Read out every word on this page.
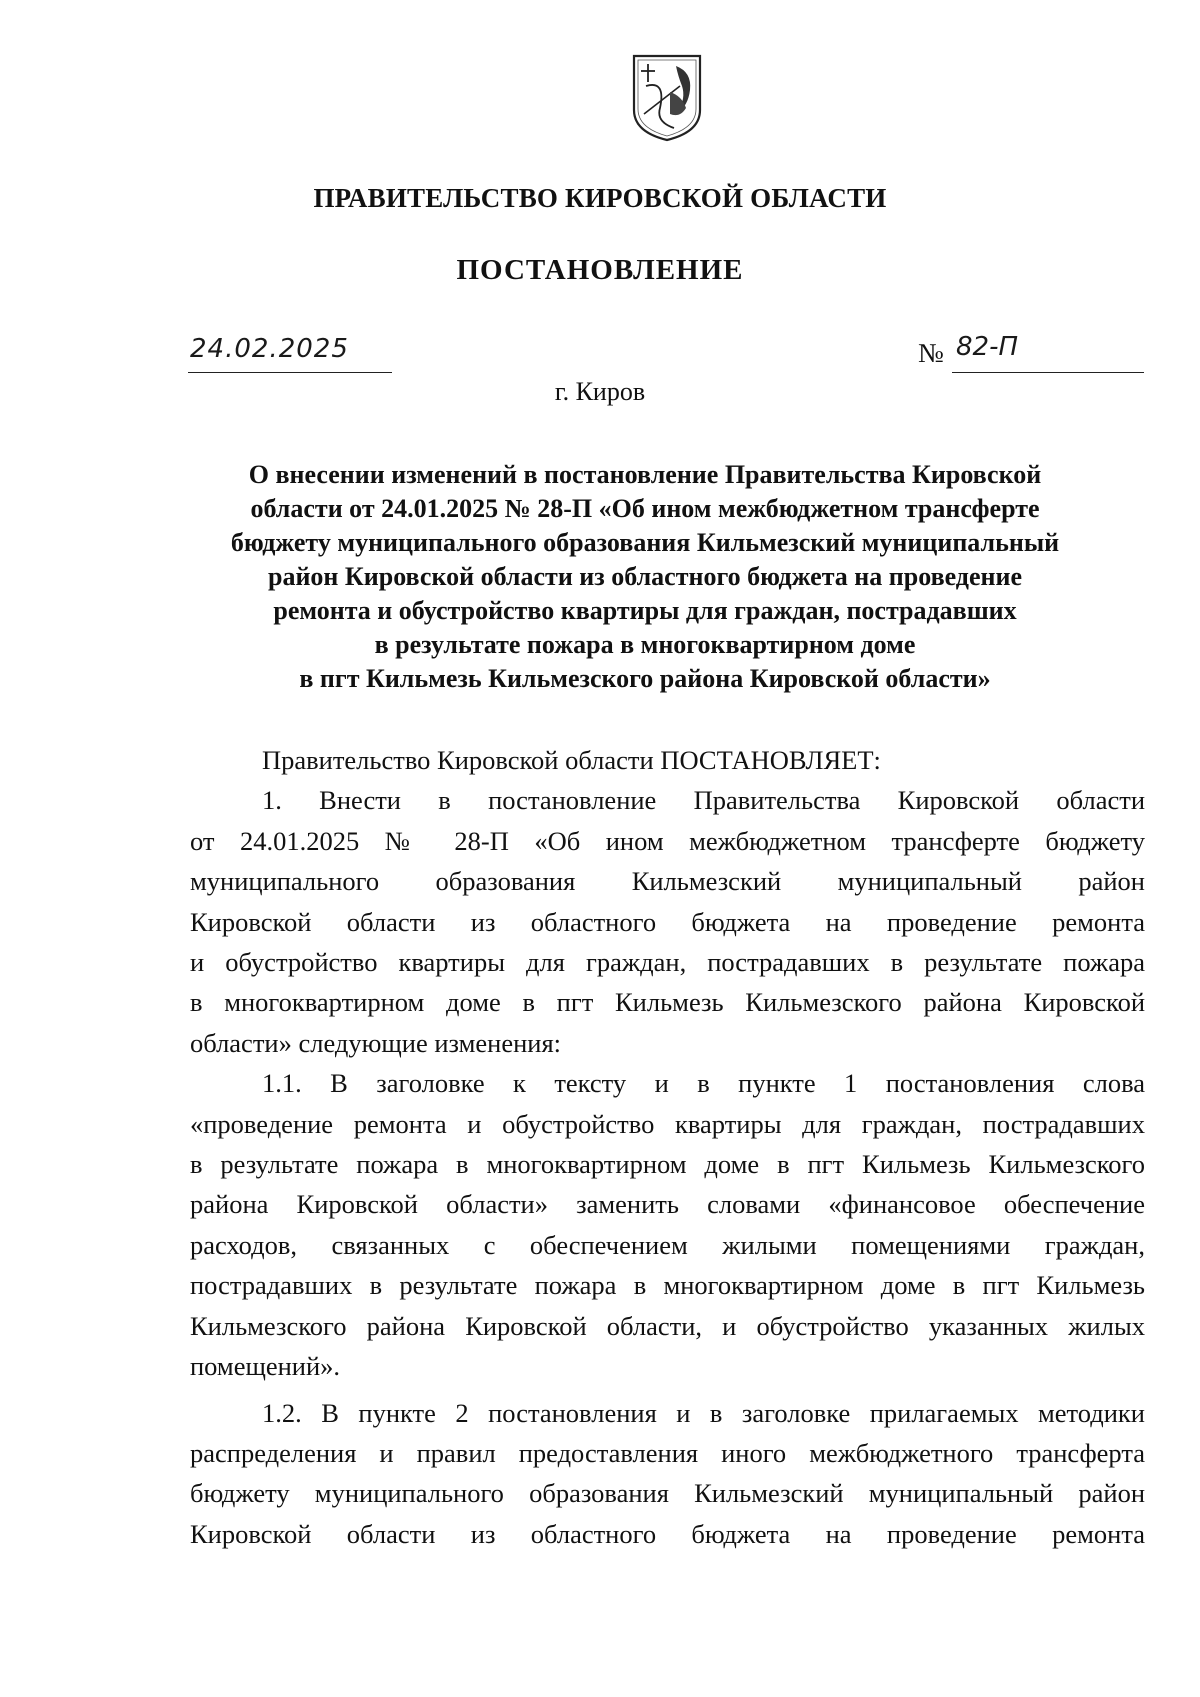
ПРАВИТЕЛЬСТВО КИРОВСКОЙ ОБЛАСТИ
ПОСТАНОВЛЕНИЕ
24.02.2025	№ 82-П
г. Киров
О внесении изменений в постановление Правительства Кировской
области от 24.01.2025 № 28-П «Об ином межбюджетном трансферте
бюджету муниципального образования Кильмезский муниципальный
район Кировской области из областного бюджета на проведение
ремонта и обустройство квартиры для граждан, пострадавших
в результате пожара в многоквартирном доме
в пгт Кильмезь Кильмезского района Кировской области»
Правительство Кировской области ПОСТАНОВЛЯЕТ:
1. Внести в постановление Правительства Кировской области
от 24.01.2025 № 28-П «Об ином межбюджетном трансферте бюджету
муниципального образования Кильмезский муниципальный район
Кировской области из областного бюджета на проведение ремонта
и обустройство квартиры для граждан, пострадавших в результате пожара
в многоквартирном доме в пгт Кильмезь Кильмезского района Кировской
области» следующие изменения:
1.1. В заголовке к тексту и в пункте 1 постановления слова
«проведение ремонта и обустройство квартиры для граждан, пострадавших
в результате пожара в многоквартирном доме в пгт Кильмезь Кильмезского
района Кировской области» заменить словами «финансовое обеспечение
расходов, связанных с обеспечением жилыми помещениями граждан,
пострадавших в результате пожара в многоквартирном доме в пгт Кильмезь
Кильмезского района Кировской области, и обустройство указанных жилых
помещений».
1.2. В пункте 2 постановления и в заголовке прилагаемых методики
распределения и правил предоставления иного межбюджетного трансферта
бюджету муниципального образования Кильмезский муниципальный район
Кировской области из областного бюджета на проведение ремонта
